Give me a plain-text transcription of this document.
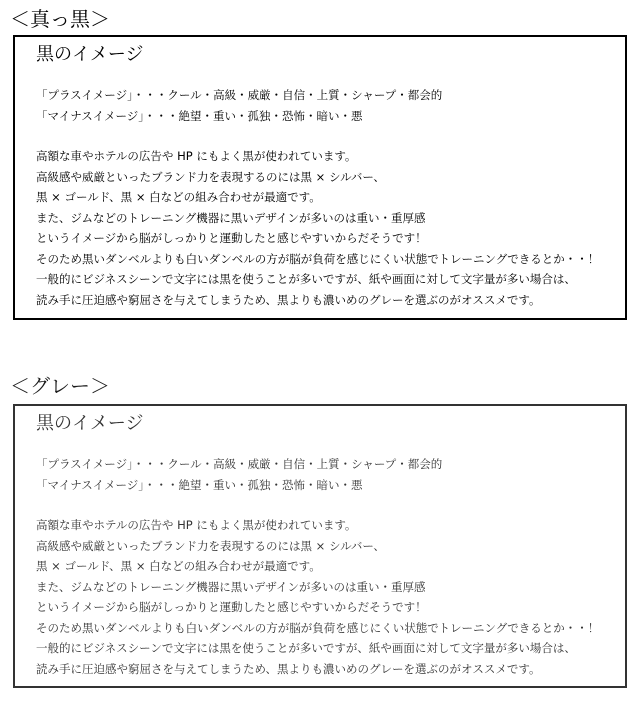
＜真っ黒＞
黒のイメージ
「プラスイメージ」・・・クール・高級・威厳・自信・上質・シャープ・都会的
「マイナスイメージ」・・・絶望・重い・孤独・恐怖・暗い・悪
高額な車やホテルの広告や HP にもよく黒が使われています。
高級感や威厳といったブランド力を表現するのには黒 × シルバー、
黒 × ゴールド、黒 × 白などの組み合わせが最適です。
また、ジムなどのトレーニング機器に黒いデザインが多いのは重い・重厚感
というイメージから脳がしっかりと運動したと感じやすいからだそうです！
そのため黒いダンベルよりも白いダンベルの方が脳が負荷を感じにくい状態でトレーニングできるとか・・！
一般的にビジネスシーンで文字には黒を使うことが多いですが、紙や画面に対して文字量が多い場合は、
読み手に圧迫感や窮屈さを与えてしまうため、黒よりも濃いめのグレーを選ぶのがオススメです。
＜グレー＞
黒のイメージ
「プラスイメージ」・・・クール・高級・威厳・自信・上質・シャープ・都会的
「マイナスイメージ」・・・絶望・重い・孤独・恐怖・暗い・悪
高額な車やホテルの広告や HP にもよく黒が使われています。
高級感や威厳といったブランド力を表現するのには黒 × シルバー、
黒 × ゴールド、黒 × 白などの組み合わせが最適です。
また、ジムなどのトレーニング機器に黒いデザインが多いのは重い・重厚感
というイメージから脳がしっかりと運動したと感じやすいからだそうです！
そのため黒いダンベルよりも白いダンベルの方が脳が負荷を感じにくい状態でトレーニングできるとか・・！
一般的にビジネスシーンで文字には黒を使うことが多いですが、紙や画面に対して文字量が多い場合は、
読み手に圧迫感や窮屈さを与えてしまうため、黒よりも濃いめのグレーを選ぶのがオススメです。
